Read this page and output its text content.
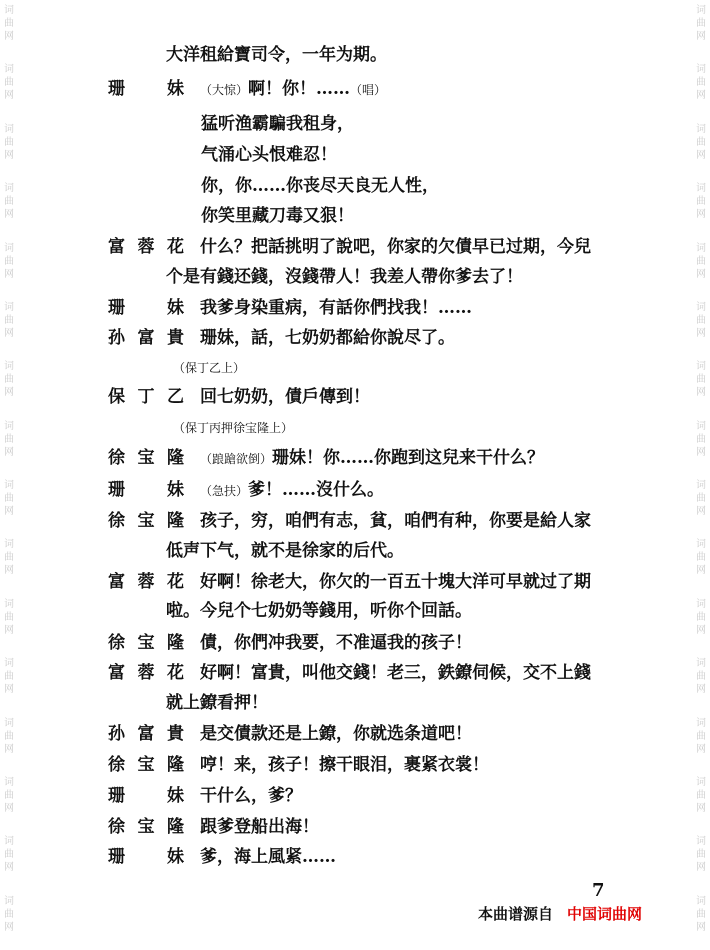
词
曲
网
词
曲
网
词
曲
网
词
曲
网
词
曲
网
词
曲
网
词
曲
网
词
曲
网
词
曲
网
词
曲
网
词
曲
网
词
曲
网
词
曲
网
词
曲
网
词
曲
网
词
曲
网
词
曲
网
词
曲
网
词
曲
网
词
曲
网
词
曲
网
词
曲
网
词
曲
网
词
曲
网
词
曲
网
词
曲
网
词
曲
网
词
曲
网
词
曲
网
词
曲
网
词
曲
网
词
曲
网
大洋租給寶司令，一年为期。
珊 妹 （大惊）啊！你！……（唱）
猛听渔霸騙我租身，
气涌心头恨难忍！
你，你……你丧尽天良无人性，
你笑里藏刀毒又狠！
富 蓉 花 什么？把話挑明了說吧，你家的欠債早已过期，今兒
个是有錢还錢，沒錢帶人！我差人帶你爹去了！
珊 妹 我爹身染重病，有話你們找我！……
孙 富 貴 珊妹，話，七奶奶都給你說尽了。
（保丁乙上）
保 丁 乙 回七奶奶，債戶傳到！
（保丁丙押徐宝隆上）
徐 宝 隆 （踉蹌欲倒）珊妹！你……你跑到这兒来干什么？
珊 妹 （急扶）爹！……沒什么。
徐 宝 隆 孩子，穷，咱們有志，貧，咱們有种，你要是給人家
低声下气，就不是徐家的后代。
富 蓉 花 好啊！徐老大，你欠的一百五十塊大洋可早就过了期
啦。今兒个七奶奶等錢用，听你个回話。
徐 宝 隆 債，你們冲我要，不准逼我的孩子！
富 蓉 花 好啊！富貴，叫他交錢！老三，鉄鐐伺候，交不上錢
就上鐐看押！
孙 富 貴 是交債款还是上鐐，你就选条道吧！
徐 宝 隆 哼！来，孩子！擦干眼泪，裹紧衣裳！
珊 妹 干什么，爹？
徐 宝 隆 跟爹登船出海！
珊 妹 爹，海上風紧……
7
本曲谱源自 中国词曲网
